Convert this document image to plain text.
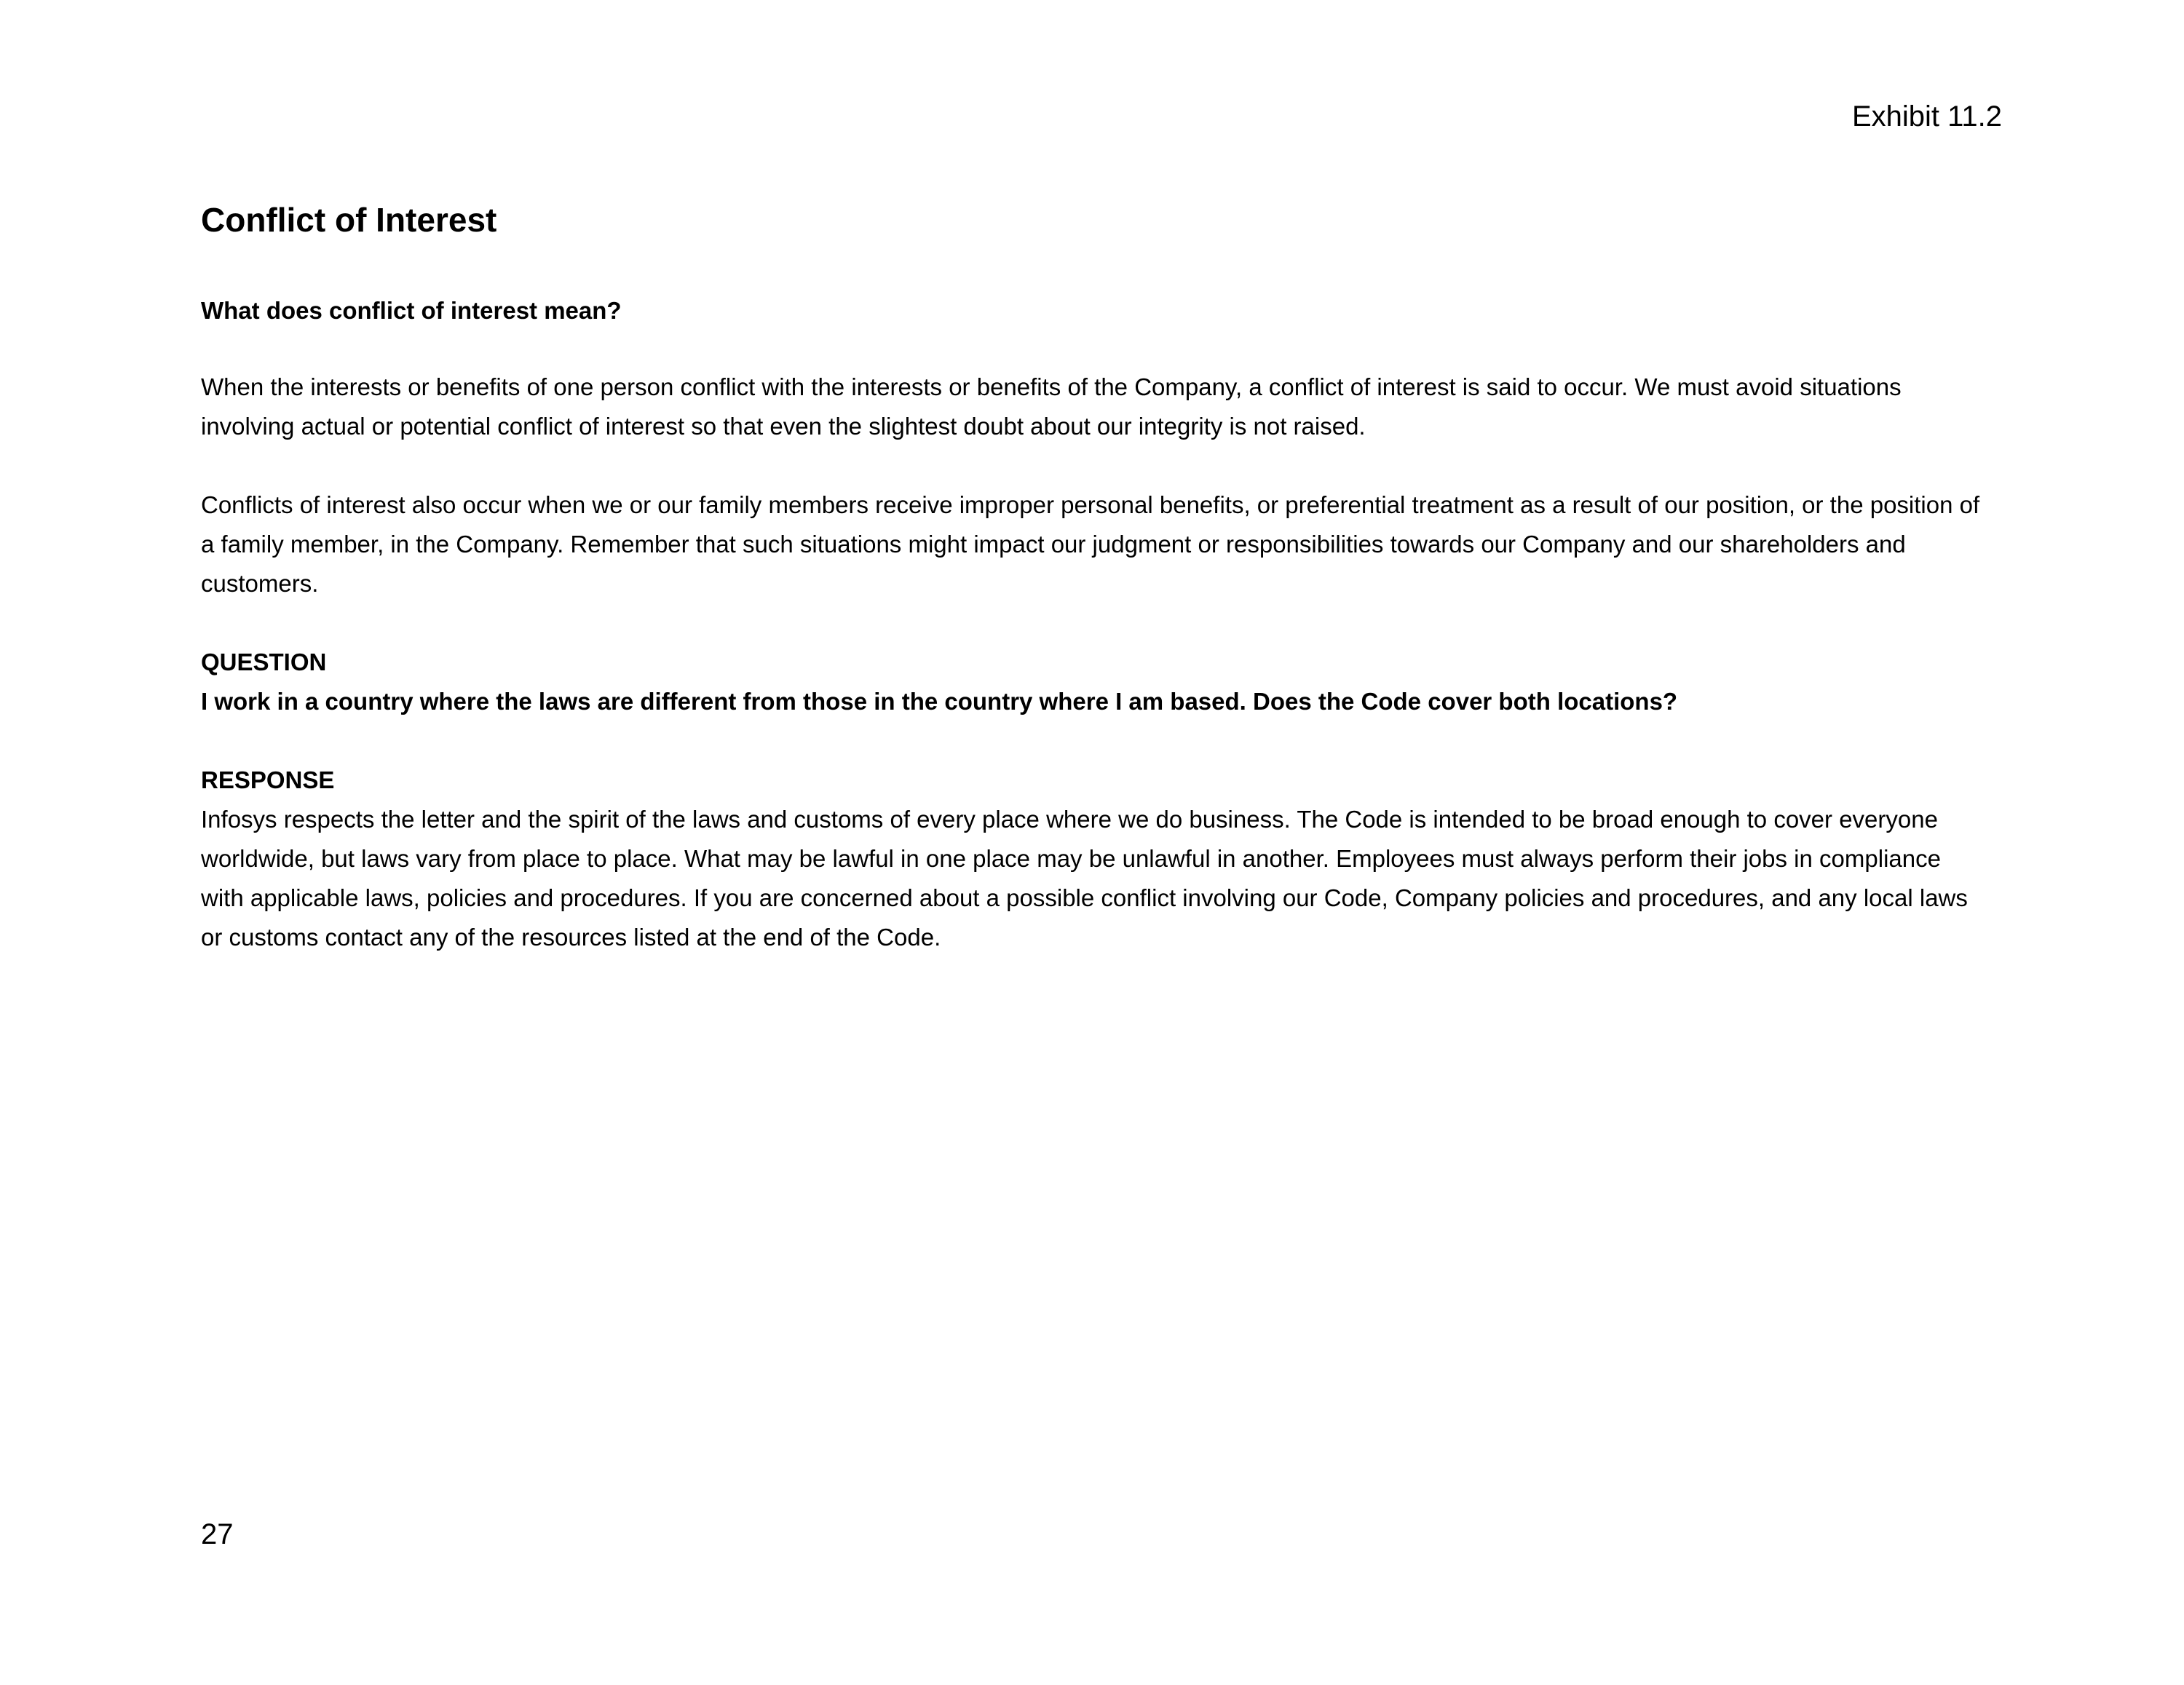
Exhibit 11.2
Conflict of Interest

What does conflict of interest mean?

When the interests or benefits of one person conflict with the interests or benefits of the Company, a conflict of interest is said to occur. We must avoid situations involving actual or potential conflict of interest so that even the slightest doubt about our integrity is not raised.

Conflicts of interest also occur when we or our family members receive improper personal benefits, or preferential treatment as a result of our position, or the position of a family member, in the Company. Remember that such situations might impact our judgment or responsibilities towards our Company and our shareholders and customers.

QUESTION

I work in a country where the laws are different from those in the country where I am based. Does the Code cover both locations?

RESPONSE

Infosys respects the letter and the spirit of the laws and customs of every place where we do business. The Code is intended to be broad enough to cover everyone worldwide, but laws vary from place to place. What may be lawful in one place may be unlawful in another. Employees must always perform their jobs in compliance with applicable laws, policies and procedures. If you are concerned about a possible conflict involving our Code, Company policies and procedures, and any local laws or customs contact any of the resources listed at the end of the Code.

27
